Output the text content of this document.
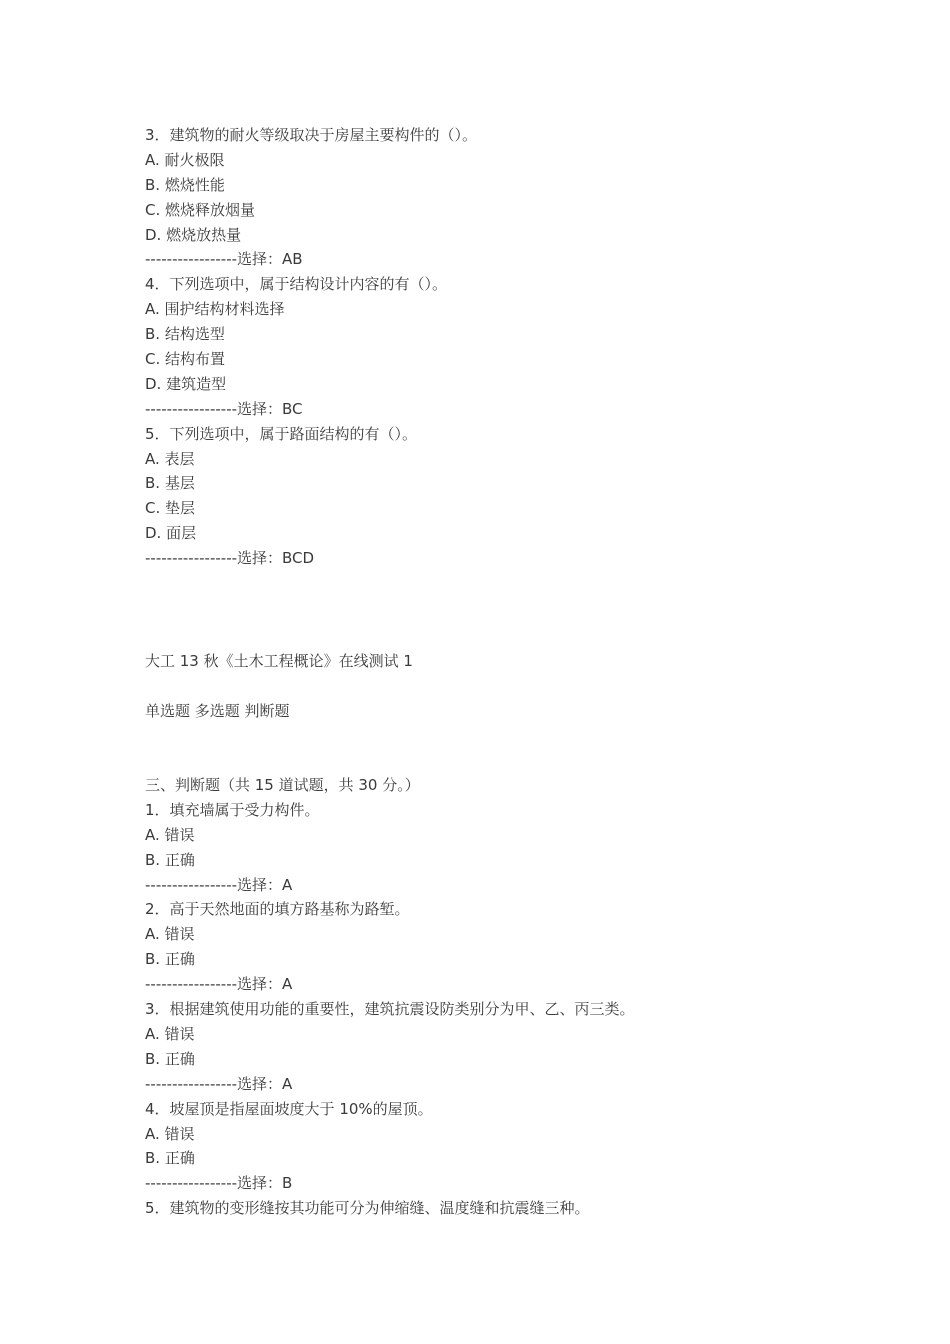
3．建筑物的耐火等级取决于房屋主要构件的（）。
A. 耐火极限
B. 燃烧性能
C. 燃烧释放烟量
D. 燃烧放热量
-----------------选择：AB
4．下列选项中，属于结构设计内容的有（）。
A. 围护结构材料选择
B. 结构选型
C. 结构布置
D. 建筑造型
-----------------选择：BC
5．下列选项中，属于路面结构的有（）。
A. 表层
B. 基层
C. 垫层
D. 面层
-----------------选择：BCD
大工 13 秋《土木工程概论》在线测试 1
单选题 多选题 判断题
三、判断题（共 15 道试题，共 30 分。）
1．填充墙属于受力构件。
A. 错误
B. 正确
-----------------选择：A
2．高于天然地面的填方路基称为路堑。
A. 错误
B. 正确
-----------------选择：A
3．根据建筑使用功能的重要性，建筑抗震设防类别分为甲、乙、丙三类。
A. 错误
B. 正确
-----------------选择：A
4．坡屋顶是指屋面坡度大于 10%的屋顶。
A. 错误
B. 正确
-----------------选择：B
5．建筑物的变形缝按其功能可分为伸缩缝、温度缝和抗震缝三种。
